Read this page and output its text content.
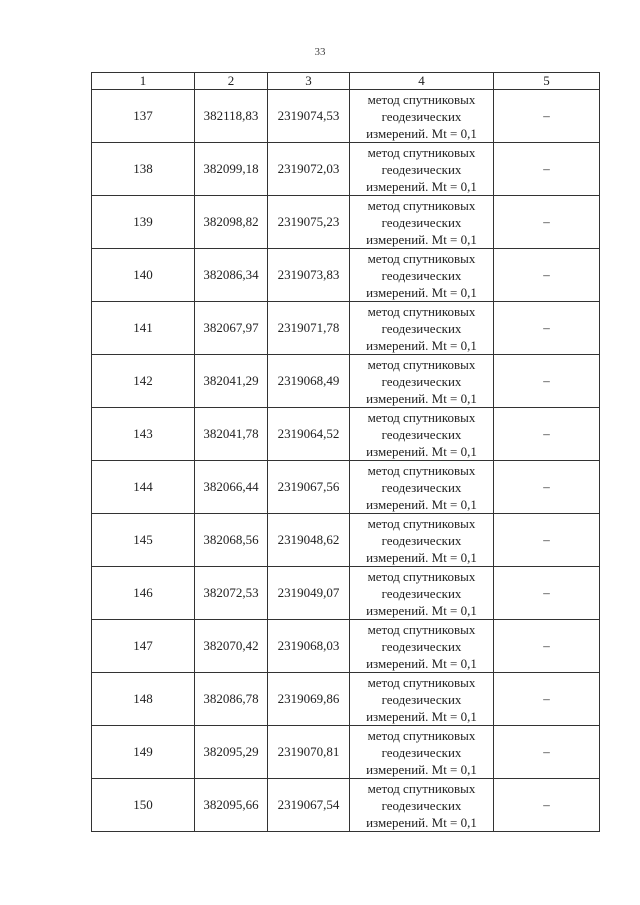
33
1	2	3	4	5
137	382118,83	2319074,53	метод спутниковых
геодезических
измерений. Mt = 0,1	–
138	382099,18	2319072,03	метод спутниковых
геодезических
измерений. Mt = 0,1	–
139	382098,82	2319075,23	метод спутниковых
геодезических
измерений. Mt = 0,1	–
140	382086,34	2319073,83	метод спутниковых
геодезических
измерений. Mt = 0,1	–
141	382067,97	2319071,78	метод спутниковых
геодезических
измерений. Mt = 0,1	–
142	382041,29	2319068,49	метод спутниковых
геодезических
измерений. Mt = 0,1	–
143	382041,78	2319064,52	метод спутниковых
геодезических
измерений. Mt = 0,1	–
144	382066,44	2319067,56	метод спутниковых
геодезических
измерений. Mt = 0,1	–
145	382068,56	2319048,62	метод спутниковых
геодезических
измерений. Mt = 0,1	–
146	382072,53	2319049,07	метод спутниковых
геодезических
измерений. Mt = 0,1	–
147	382070,42	2319068,03	метод спутниковых
геодезических
измерений. Mt = 0,1	–
148	382086,78	2319069,86	метод спутниковых
геодезических
измерений. Mt = 0,1	–
149	382095,29	2319070,81	метод спутниковых
геодезических
измерений. Mt = 0,1	–
150	382095,66	2319067,54	метод спутниковых
геодезических
измерений. Mt = 0,1	–
